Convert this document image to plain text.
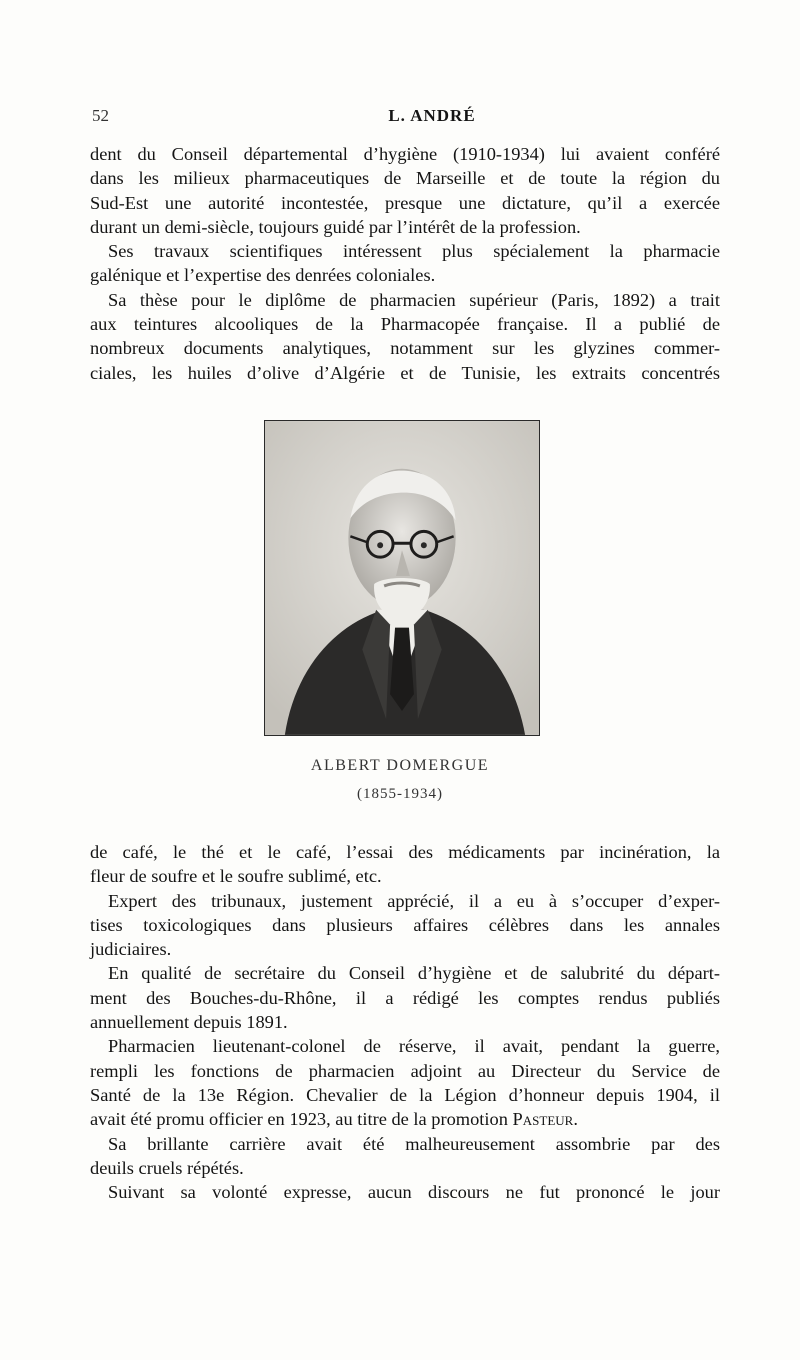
52	L. ANDRÉ
dent du Conseil départemental d’hygiène (1910-1934) lui avaient conféré
dans les milieux pharmaceutiques de Marseille et de toute la région du
Sud-Est une autorité incontestée, presque une dictature, qu’il a exercée
durant un demi-siècle, toujours guidé par l’intérêt de la profession.
Ses travaux scientifiques intéressent plus spécialement la pharmacie
galénique et l’expertise des denrées coloniales.
Sa thèse pour le diplôme de pharmacien supérieur (Paris, 1892) a trait
aux teintures alcooliques de la Pharmacopée française. Il a publié de
nombreux documents analytiques, notamment sur les glyzines commer-
ciales, les huiles d’olive d’Algérie et de Tunisie, les extraits concentrés
ALBERT DOMERGUE
(1855-1934)
de café, le thé et le café, l’essai des médicaments par incinération, la
fleur de soufre et le soufre sublimé, etc.
Expert des tribunaux, justement apprécié, il a eu à s’occuper d’exper-
tises toxicologiques dans plusieurs affaires célèbres dans les annales
judiciaires.
En qualité de secrétaire du Conseil d’hygiène et de salubrité du départ-
ment des Bouches-du-Rhône, il a rédigé les comptes rendus publiés
annuellement depuis 1891.
Pharmacien lieutenant-colonel de réserve, il avait, pendant la guerre,
rempli les fonctions de pharmacien adjoint au Directeur du Service de
Santé de la 13e Région. Chevalier de la Légion d’honneur depuis 1904, il
avait été promu officier en 1923, au titre de la promotion Pasteur.
Sa brillante carrière avait été malheureusement assombrie par des
deuils cruels répétés.
Suivant sa volonté expresse, aucun discours ne fut prononcé le jour
